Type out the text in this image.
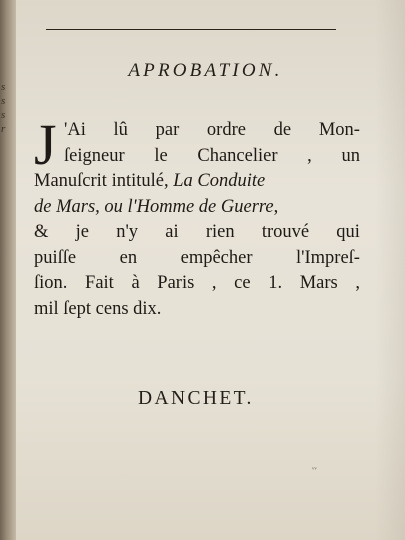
s
s
s
r
APROBATION.
J 'Ai lû par ordre de Mon-
ſeigneur le Chancelier , un
Manuſcrit intitulé, La Conduite
de Mars, ou l'Homme de Guerre,
& je n'y ai rien trouvé qui
puiſſe en empêcher l'Impreſ-
ſion. Fait à Paris , ce 1. Mars ,
mil ſept cens dix.
DANCHET.
ᵥᵥ
